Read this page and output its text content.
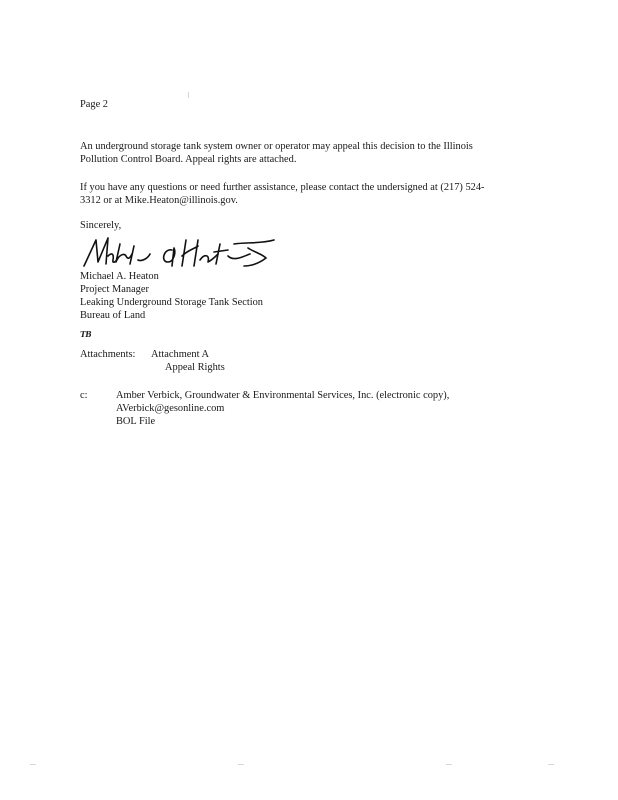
Page 2
An underground storage tank system owner or operator may appeal this decision to the Illinois
Pollution Control Board. Appeal rights are attached.
If you have any questions or need further assistance, please contact the undersigned at (217) 524-
3312 or at Mike.Heaton@illinois.gov.
Sincerely,
Michael A. Heaton
Project Manager
Leaking Underground Storage Tank Section
Bureau of Land
TB
Attachments: Attachment A
Appeal Rights
c:	Amber Verbick, Groundwater & Environmental Services, Inc. (electronic copy),
AVerbick@gesonline.com
BOL File
